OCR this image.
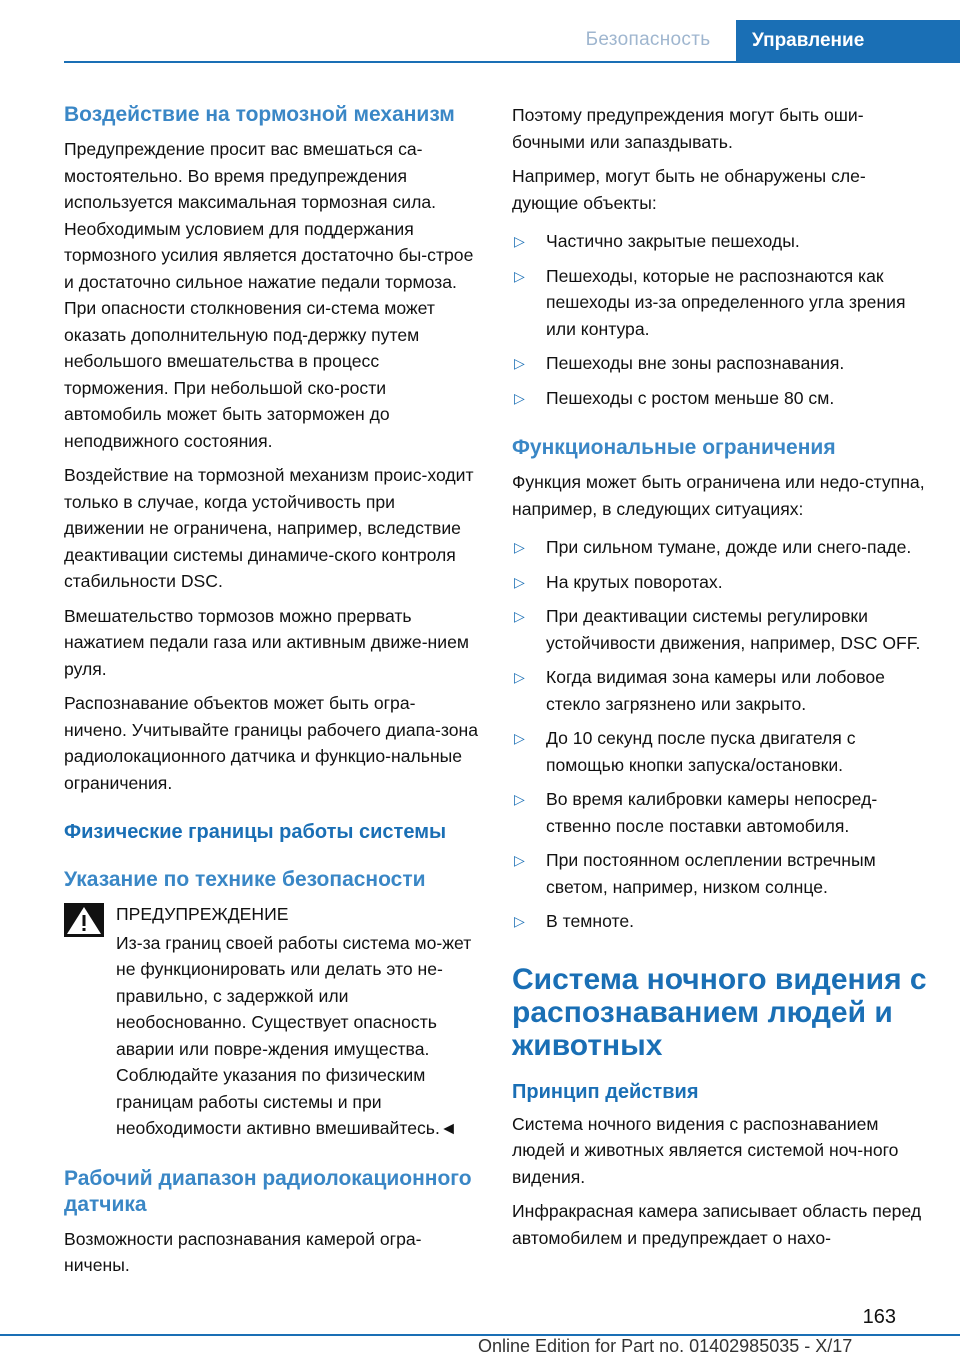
Безопасность	Управление
Воздействие на тормозной механизм

Предупреждение просит вас вмешаться са-мостоятельно. Во время предупреждения используется максимальная тормозная сила. Необходимым условием для поддержания тормозного усилия является достаточно бы-строе и достаточно сильное нажатие педали тормоза. При опасности столкновения си-стема может оказать дополнительную под-держку путем небольшого вмешательства в процесс торможения. При небольшой ско-рости автомобиль может быть заторможен до неподвижного состояния.

Воздействие на тормозной механизм проис-ходит только в случае, когда устойчивость при движении не ограничена, например, вследствие деактивации системы динамиче-ского контроля стабильности DSC.

Вмешательство тормозов можно прервать нажатием педали газа или активным движе-нием руля.

Распознавание объектов может быть огра-ничено. Учитывайте границы рабочего диапа-зона радиолокационного датчика и функцио-нальные ограничения.

Физические границы работы системы
Указание по технике безопасности

ПРЕДУПРЕЖДЕНИЕ

Из-за границ своей работы система мо-жет не функционировать или делать это не-правильно, с задержкой или необоснованно. Существует опасность аварии или повре-ждения имущества. Соблюдайте указания по физическим границам работы системы и при необходимости активно вмешивайтесь.◄

Рабочий диапазон радиолокационного датчика

Возможности распознавания камерой огра-ничены.

Поэтому предупреждения могут быть оши-бочными или запаздывать.

Например, могут быть не обнаружены сле-дующие объекты:

▷ Частично закрытые пешеходы.
▷ Пешеходы, которые не распознаются как пешеходы из-за определенного угла зрения или контура.
▷ Пешеходы вне зоны распознавания.
▷ Пешеходы с ростом меньше 80 см.
Функциональные ограничения

Функция может быть ограничена или недо-ступна, например, в следующих ситуациях:

▷ При сильном тумане, дожде или снего-паде.
▷ На крутых поворотах.
▷ При деактивации системы регулировки устойчивости движения, например, DSC OFF.
▷ Когда видимая зона камеры или лобовое стекло загрязнено или закрыто.
▷ До 10 секунд после пуска двигателя с помощью кнопки запуска/остановки.
▷ Во время калибровки камеры непосред-ственно после поставки автомобиля.
▷ При постоянном ослеплении встречным светом, например, низком солнце.
▷ В темноте.
Система ночного видения с распознаванием людей и животных
Принцип действия

Система ночного видения с распознаванием людей и животных является системой ноч-ного видения.

Инфракрасная камера записывает область перед автомобилем и предупреждает о нахо-

163
Online Edition for Part no. 01402985035 - X/17
